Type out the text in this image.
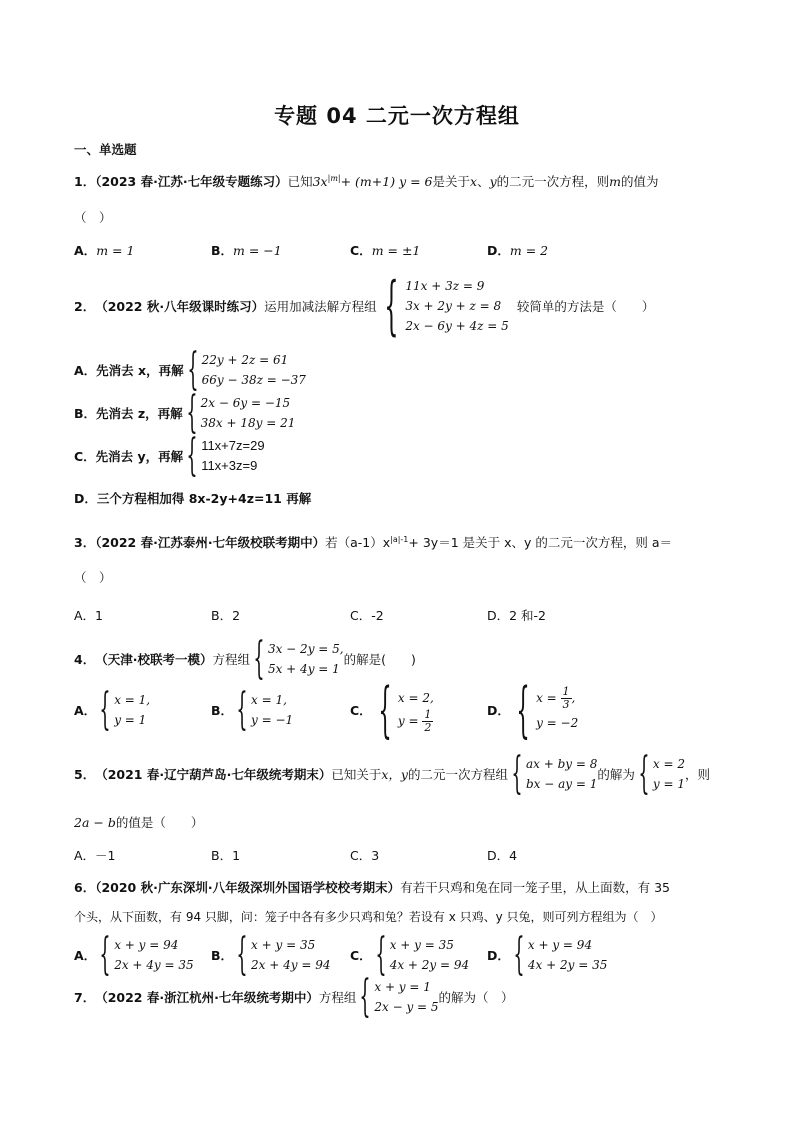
专题 04 二元一次方程组
一、单选题
1．（2023 春·江苏·七年级专题练习）已知$3x^{|m|}+ (m+1) y = 6$是关于x、y的二元一次方程，则m的值为
（　）
A．m = 1	B．m = −1	C．m = ±1	D．m = 2
2． （2022 秋·八年级课时练习） 运用加减法解方程组 { 11x + 3z = 9
3x + 2y + z = 8
2x − 6y + 4z = 5
较简单的方法是（　　）
A．先消去 x，再解 { 22y + 2z = 61
66y − 38z = −37
B．先消去 z，再解 { 2x − 6y = −15
38x + 18y = 21
C．先消去 y，再解 { 11x+7z=29
11x+3z=9
D．三个方程相加得 8x-2y+4z=11 再解
3．（2022 春·江苏泰州·七年级校联考期中）若$(a-1)x^{|a|-1}+ 3y=1$ 是关于 x、y 的二元一次方程，则 a＝
（　）
A．1	B．2	C．-2	D．2 和-2
4． （天津·校联考一模） 方程组 { 3x − 2y = 5,
5x + 4y = 1
的解是(　　)
A． { x = 1,
y = 1
B． { x = 1,
y = −1
C． { x = 2,
$y = \frac{1}{2}$	D． { $x = \frac{1}{3}$ ,
y = −2
5． （2021 春·辽宁葫芦岛·七年级统考期末） 已知关于 x，y 的二元一次方程组 { ax + by = 8
bx − ay = 1
的解为 { x = 2
y = 1
，则
2a − b的值是（　　）
A．－1	B．1	C．3	D．4
6．（2020 秋·广东深圳·八年级深圳外国语学校校考期末）有若干只鸡和兔在同一笼子里，从上面数，有 35
个头，从下面数，有 94 只脚，问：笼子中各有多少只鸡和兔？若设有 x 只鸡、y 只兔，则可列方程组为（　）
A． { x + y = 94
2x + 4y = 35
B． { x + y = 35
2x + 4y = 94
C． { x + y = 35
4x + 2y = 94
D． { x + y = 94
4x + 2y = 35
7． （2022 春·浙江杭州·七年级统考期中） 方程组 { x + y = 1
2x − y = 5
的解为（　）
